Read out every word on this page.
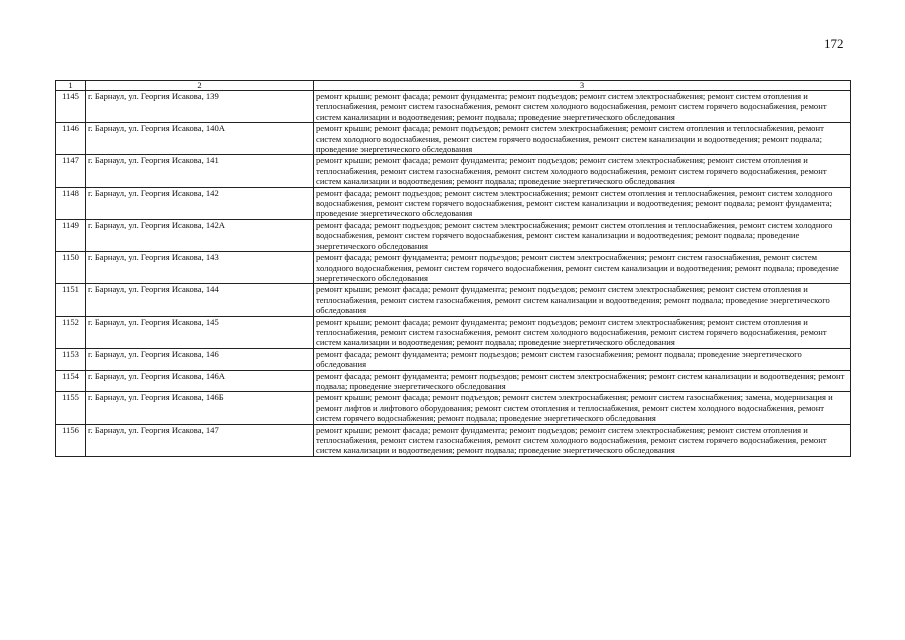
172
1	2	3
1145	г. Барнаул, ул. Георгия Исакова, 139	ремонт крыши; ремонт фасада; ремонт фундамента; ремонт подъездов; ремонт систем электроснабжения; ремонт систем отопления и теплоснабжения, ремонт систем газоснабжения, ремонт систем холодного водоснабжения, ремонт систем горячего водоснабжения, ремонт систем канализации и водоотведения; ремонт подвала; проведение энергетического обследования
1146	г. Барнаул, ул. Георгия Исакова, 140А	ремонт крыши; ремонт фасада; ремонт подъездов; ремонт систем электроснабжения; ремонт систем отопления и теплоснабжения, ремонт систем холодного водоснабжения, ремонт систем горячего водоснабжения, ремонт систем канализации и водоотведения; ремонт подвала; проведение энергетического обследования
1147	г. Барнаул, ул. Георгия Исакова, 141	ремонт крыши; ремонт фасада; ремонт фундамента; ремонт подъездов; ремонт систем электроснабжения; ремонт систем отопления и теплоснабжения, ремонт систем газоснабжения, ремонт систем холодного водоснабжения, ремонт систем горячего водоснабжения, ремонт систем канализации и водоотведения; ремонт подвала; проведение энергетического обследования
1148	г. Барнаул, ул. Георгия Исакова, 142	ремонт фасада; ремонт подъездов; ремонт систем электроснабжения; ремонт систем отопления и теплоснабжения, ремонт систем холодного водоснабжения, ремонт систем горячего водоснабжения, ремонт систем канализации и водоотведения; ремонт подвала; ремонт фундамента; проведение энергетического обследования
1149	г. Барнаул, ул. Георгия Исакова, 142А	ремонт фасада; ремонт подъездов; ремонт систем электроснабжения; ремонт систем отопления и теплоснабжения, ремонт систем холодного водоснабжения, ремонт систем горячего водоснабжения, ремонт систем канализации и водоотведения; ремонт подвала; проведение энергетического обследования
1150	г. Барнаул, ул. Георгия Исакова, 143	ремонт фасада; ремонт фундамента; ремонт подъездов; ремонт систем электроснабжения; ремонт систем газоснабжения, ремонт систем холодного водоснабжения, ремонт систем горячего водоснабжения, ремонт систем канализации и водоотведения; ремонт подвала; проведение энергетического обследования
1151	г. Барнаул, ул. Георгия Исакова, 144	ремонт крыши; ремонт фасада; ремонт фундамента; ремонт подъездов; ремонт систем электроснабжения; ремонт систем отопления и теплоснабжения, ремонт систем газоснабжения, ремонт систем канализации и водоотведения; ремонт подвала; проведение энергетического обследования
1152	г. Барнаул, ул. Георгия Исакова, 145	ремонт крыши; ремонт фасада; ремонт фундамента; ремонт подъездов; ремонт систем электроснабжения; ремонт систем отопления и теплоснабжения, ремонт систем газоснабжения, ремонт систем холодного водоснабжения, ремонт систем горячего водоснабжения, ремонт систем канализации и водоотведения; ремонт подвала; проведение энергетического обследования
1153	г. Барнаул, ул. Георгия Исакова, 146	ремонт фасада; ремонт фундамента; ремонт подъездов; ремонт систем газоснабжения; ремонт подвала; проведение энергетического обследования
1154	г. Барнаул, ул. Георгия Исакова, 146А	ремонт фасада; ремонт фундамента; ремонт подъездов; ремонт систем электроснабжения; ремонт систем канализации и водоотведения; ремонт подвала; проведение энергетического обследования
1155	г. Барнаул, ул. Георгия Исакова, 146Б	ремонт крыши; ремонт фасада; ремонт подъездов; ремонт систем электроснабжения; ремонт систем газоснабжения; замена, модернизация и ремонт лифтов и лифтового оборудования; ремонт систем отопления и теплоснабжения, ремонт систем холодного водоснабжения, ремонт систем горячего водоснабжения; ремонт подвала; проведение энергетического обследования
1156	г. Барнаул, ул. Георгия Исакова, 147	ремонт крыши; ремонт фасада; ремонт фундамента; ремонт подъездов; ремонт систем электроснабжения; ремонт систем отопления и теплоснабжения, ремонт систем газоснабжения, ремонт систем холодного водоснабжения, ремонт систем горячего водоснабжения, ремонт систем канализации и водоотведения; ремонт подвала; проведение энергетического обследования
